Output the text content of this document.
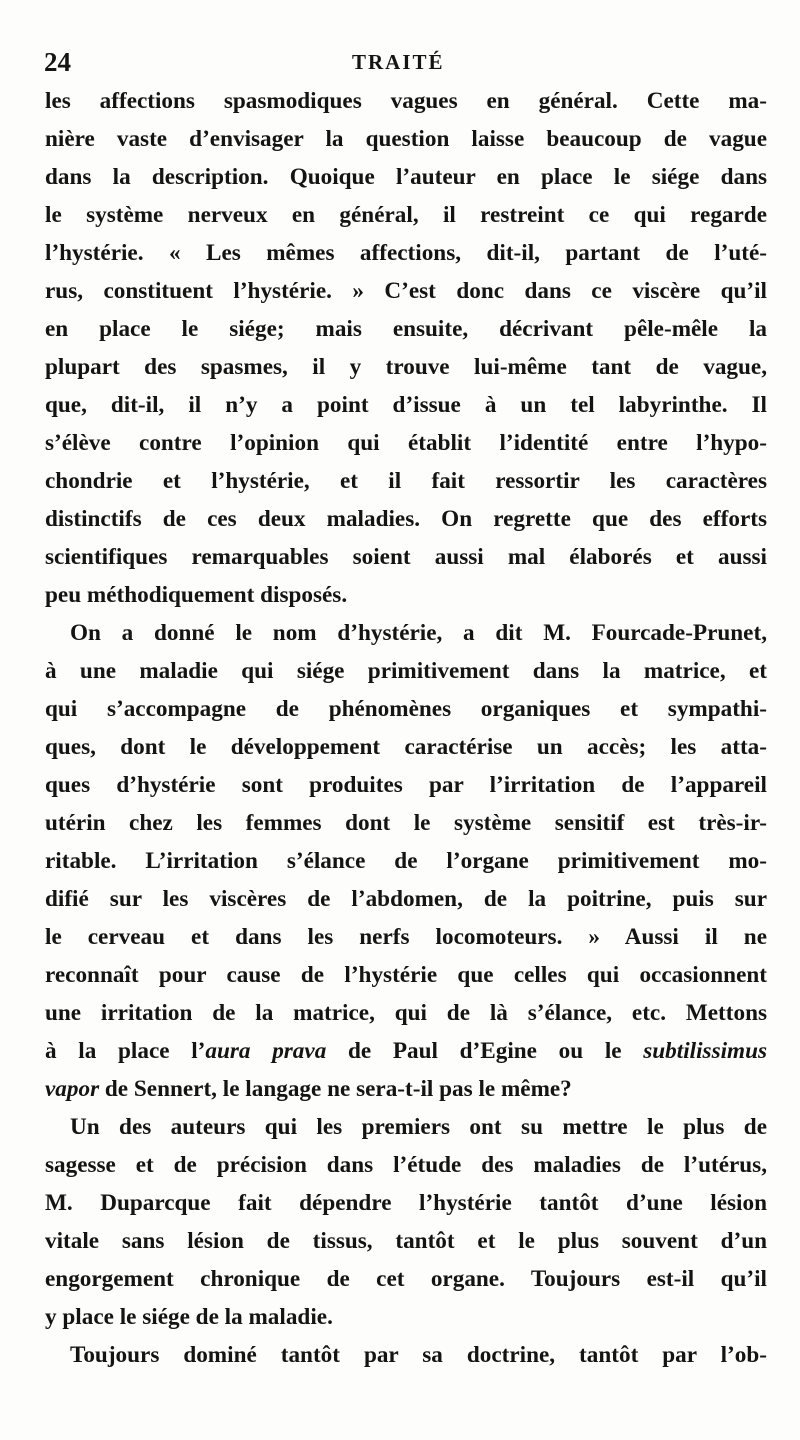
24	TRAITÉ
les affections spasmodiques vagues en général. Cette ma-
nière vaste d’envisager la question laisse beaucoup de vague
dans la description. Quoique l’auteur en place le siége dans
le système nerveux en général, il restreint ce qui regarde
l’hystérie. « Les mêmes affections, dit-il, partant de l’uté-
rus, constituent l’hystérie. » C’est donc dans ce viscère qu’il
en place le siége; mais ensuite, décrivant pêle-mêle la
plupart des spasmes, il y trouve lui-même tant de vague,
que, dit-il, il n’y a point d’issue à un tel labyrinthe. Il
s’élève contre l’opinion qui établit l’identité entre l’hypo-
chondrie et l’hystérie, et il fait ressortir les caractères
distinctifs de ces deux maladies. On regrette que des efforts
scientifiques remarquables soient aussi mal élaborés et aussi
peu méthodiquement disposés.
On a donné le nom d’hystérie, a dit M. Fourcade-Prunet,
à une maladie qui siége primitivement dans la matrice, et
qui s’accompagne de phénomènes organiques et sympathi-
ques, dont le développement caractérise un accès; les atta-
ques d’hystérie sont produites par l’irritation de l’appareil
utérin chez les femmes dont le système sensitif est très-ir-
ritable. L’irritation s’élance de l’organe primitivement mo-
difié sur les viscères de l’abdomen, de la poitrine, puis sur
le cerveau et dans les nerfs locomoteurs. » Aussi il ne
reconnaît pour cause de l’hystérie que celles qui occasionnent
une irritation de la matrice, qui de là s’élance, etc. Mettons
à la place l’aura prava de Paul d’Egine ou le subtilissimus
vapor de Sennert, le langage ne sera-t-il pas le même?
Un des auteurs qui les premiers ont su mettre le plus de
sagesse et de précision dans l’étude des maladies de l’utérus,
M. Duparcque fait dépendre l’hystérie tantôt d’une lésion
vitale sans lésion de tissus, tantôt et le plus souvent d’un
engorgement chronique de cet organe. Toujours est-il qu’il
y place le siége de la maladie.
Toujours dominé tantôt par sa doctrine, tantôt par l’ob-
